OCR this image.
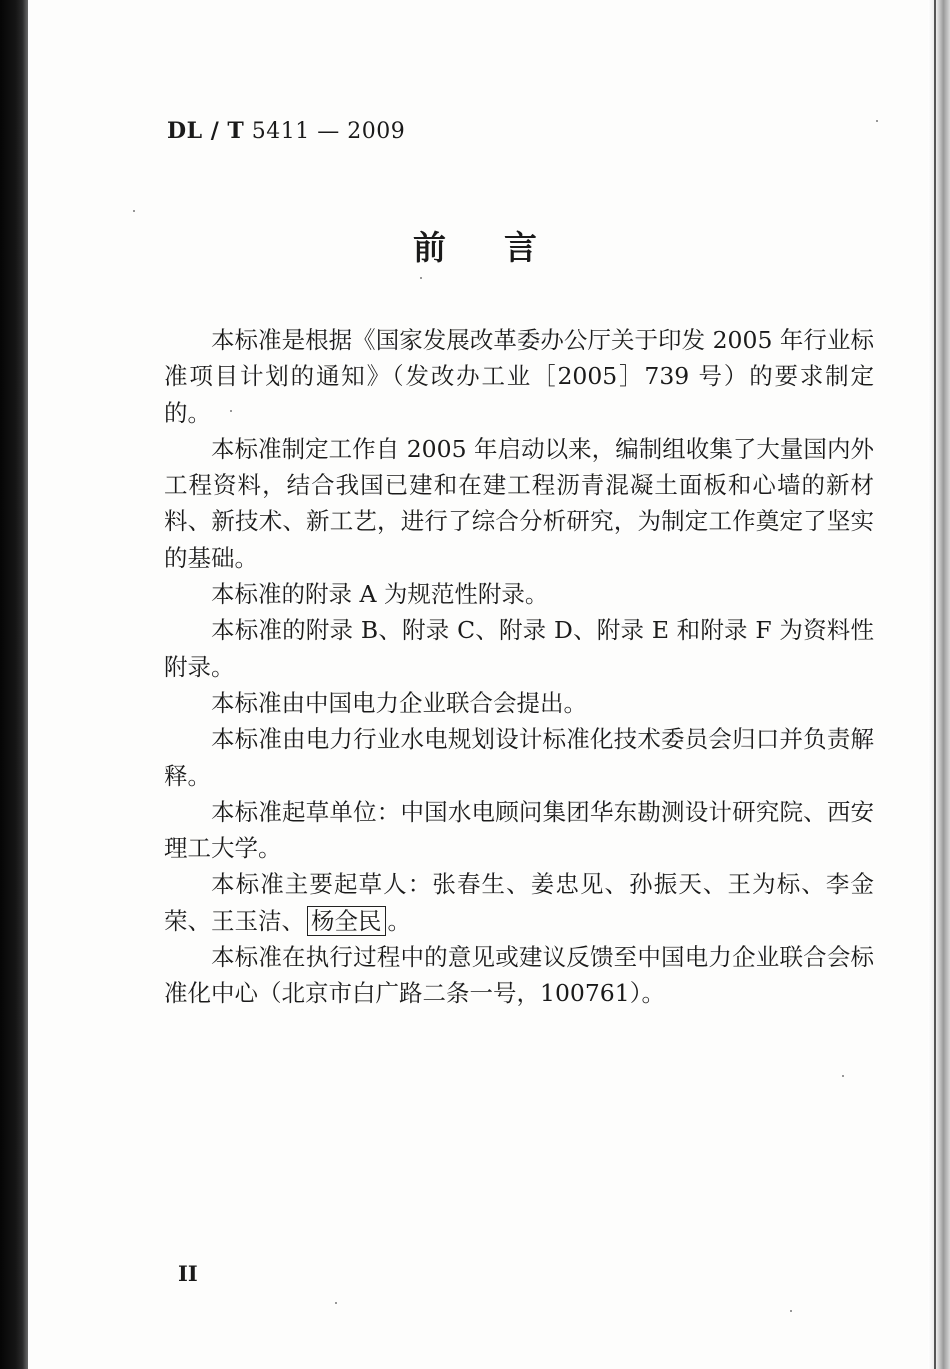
DL / T 5411 — 2009
前言

本标准是根据《国家发展改革委办公厅关于印发 2005 年行业标准项目计划的通知》（发改办工业［2005］739 号）的要求制定的。

本标准制定工作自 2005 年启动以来，编制组收集了大量国内外工程资料，结合我国已建和在建工程沥青混凝土面板和心墙的新材料、新技术、新工艺，进行了综合分析研究，为制定工作奠定了坚实的基础。

本标准的附录 A 为规范性附录。

本标准的附录 B、附录 C、附录 D、附录 E 和附录 F 为资料性附录。

本标准由中国电力企业联合会提出。

本标准由电力行业水电规划设计标准化技术委员会归口并负责解释。

本标准起草单位：中国水电顾问集团华东勘测设计研究院、西安理工大学。

本标准主要起草人：张春生、姜忠见、孙振天、王为标、李金荣、王玉洁、 杨全民 。

本标准在执行过程中的意见或建议反馈至中国电力企业联合会标准化中心（北京市白广路二条一号，100761）。

II
